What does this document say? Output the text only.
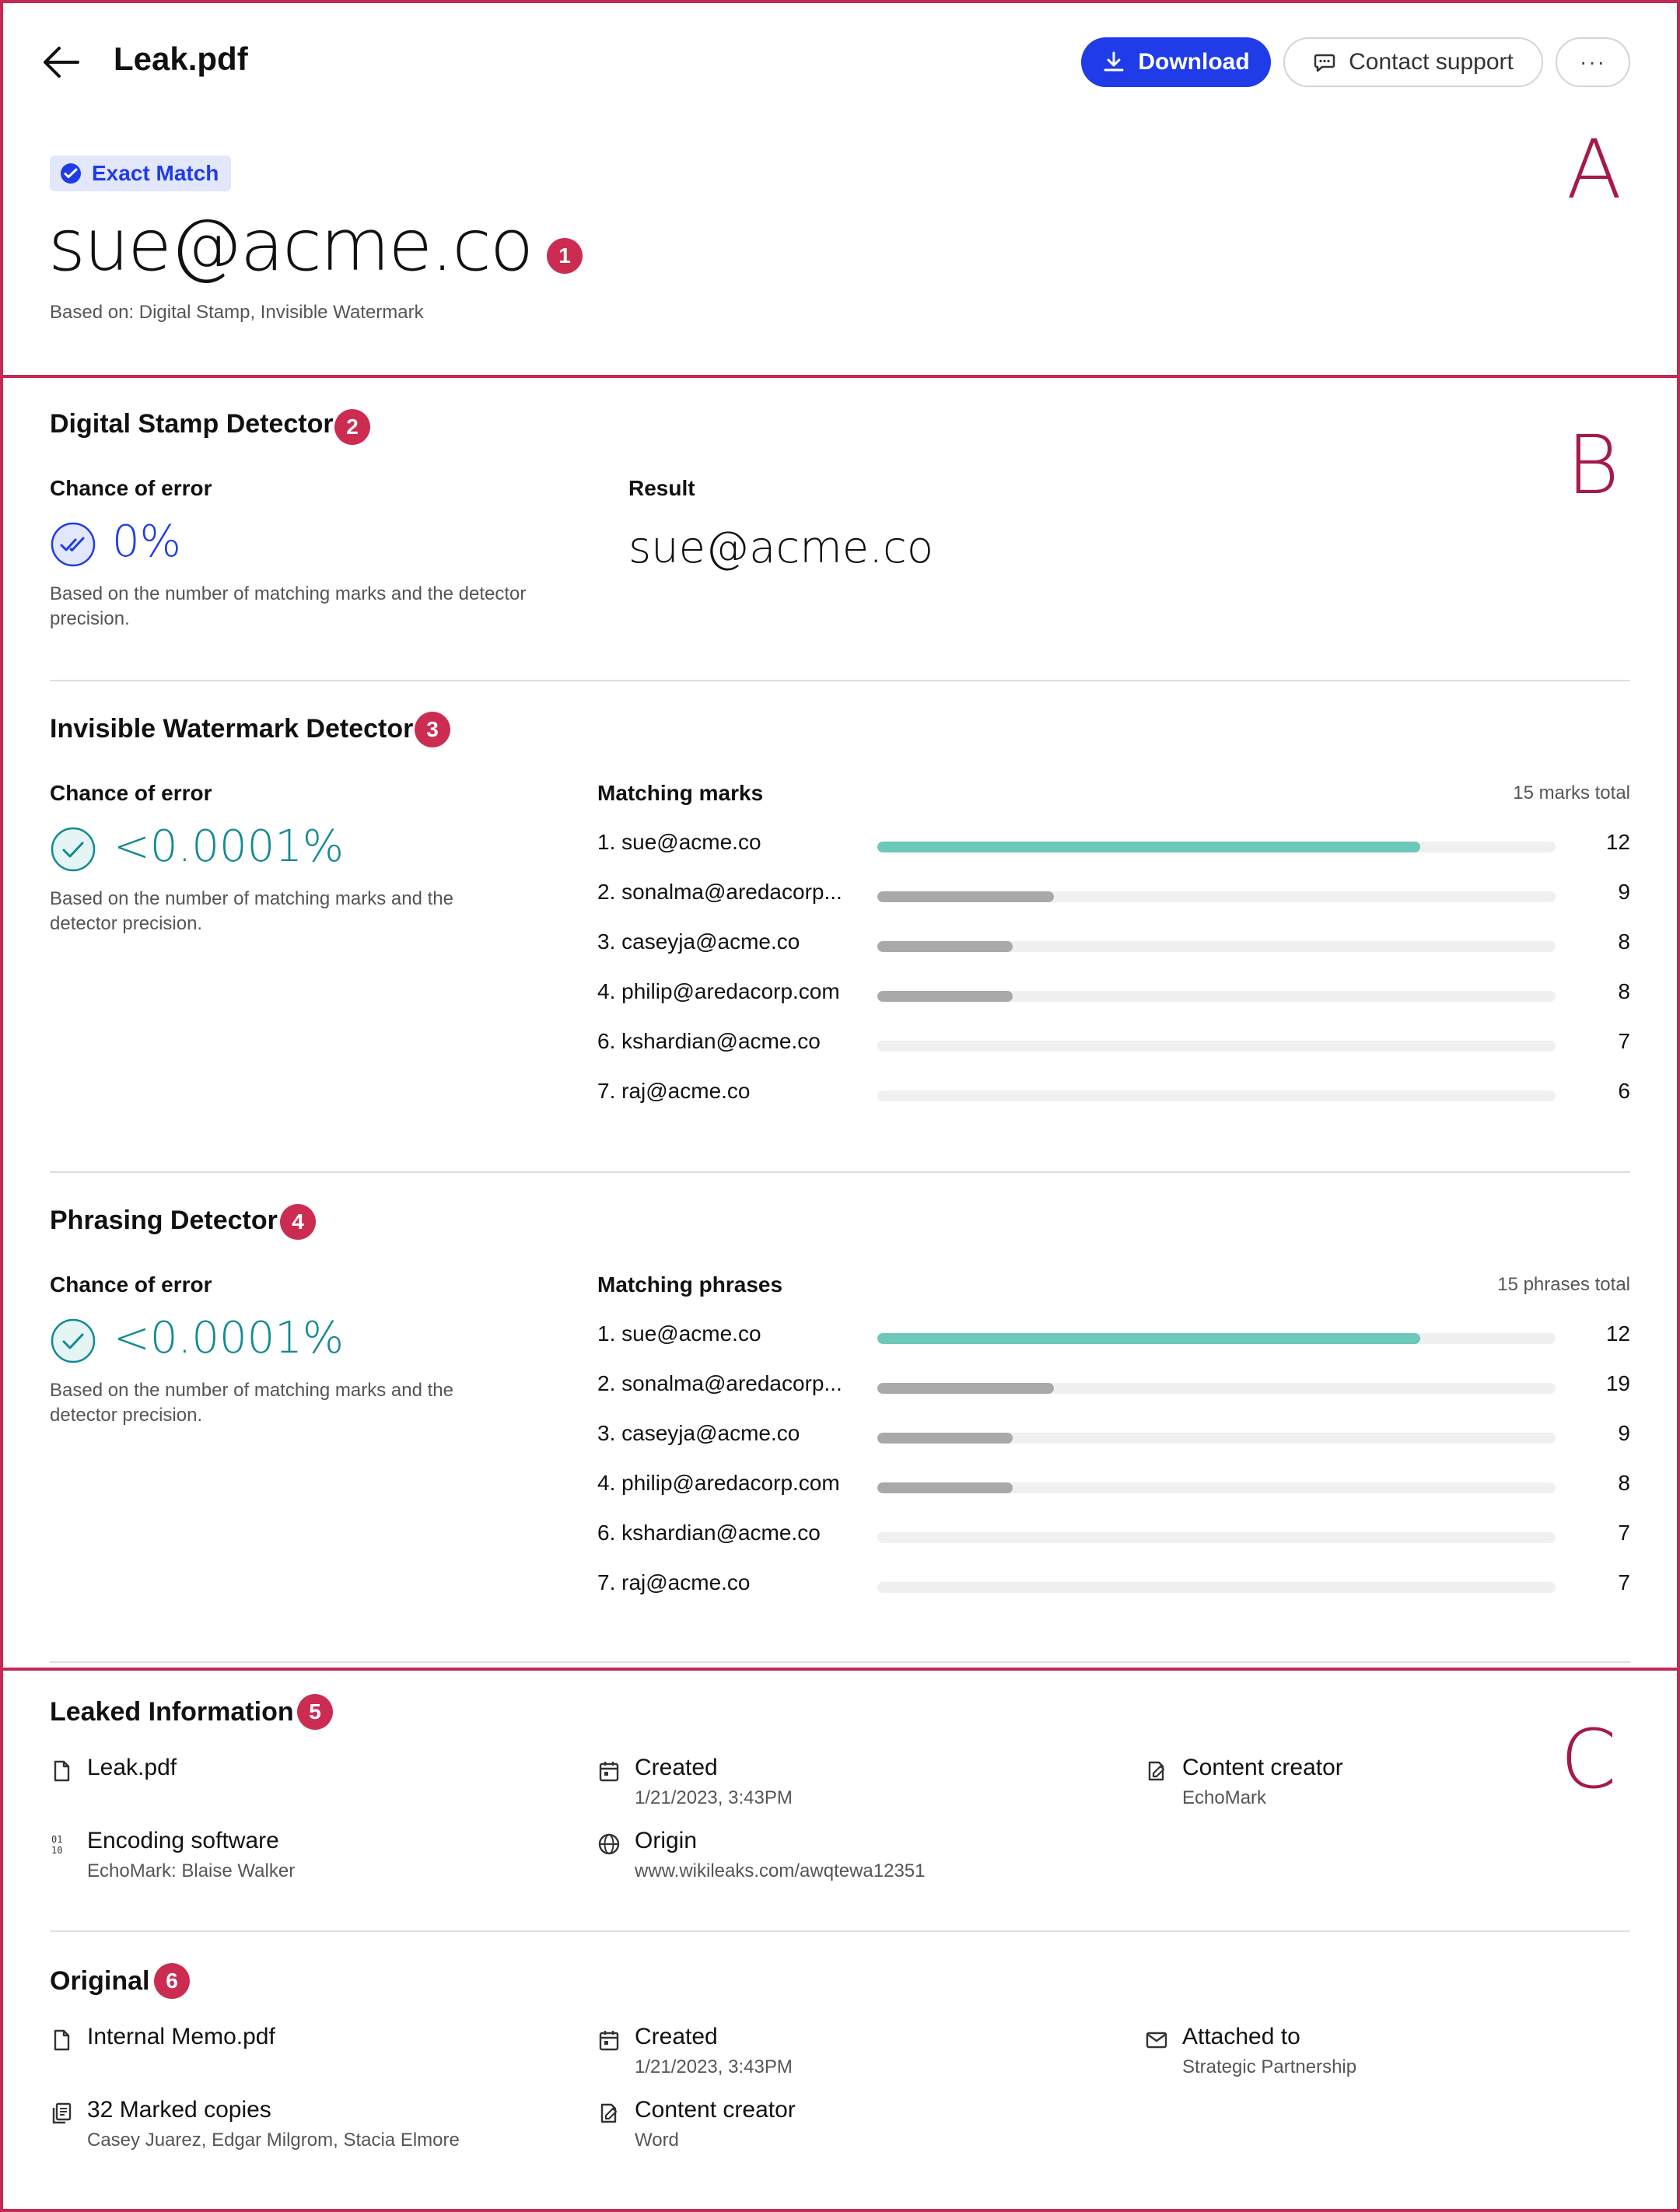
A
B
C
Leak.pdf	Download	Contact support	···
Exact Match
sue@acme.co	1
Based on: Digital Stamp, Invisible Watermark
Digital Stamp Detector 2
Chance of error
0%
Based on the number of matching marks and the detector precision.
Result
sue@acme.co
Invisible Watermark Detector 3
Chance of error
<0.0001%
Based on the number of matching marks and the detector precision.
Matching marks	15 marks total
1. sue@acme.co	12
2. sonalma@aredacorp...	9
3. caseyja@acme.co	8
4. philip@aredacorp.com	8
6. kshardian@acme.co	7
7. raj@acme.co	6
Phrasing Detector 4
Chance of error
<0.0001%
Based on the number of matching marks and the detector precision.
Matching phrases	15 phrases total
1. sue@acme.co	12
2. sonalma@aredacorp...	19
3. caseyja@acme.co	9
4. philip@aredacorp.com	8
6. kshardian@acme.co	7
7. raj@acme.co	7
Leaked Information 5
Leak.pdf	Created
1/21/2023, 3:43PM
Content creator
EchoMark
01
10 Encoding software
EchoMark: Blaise Walker
Origin
www.wikileaks.com/awqtewa12351
Original 6
Internal Memo.pdf	Created
1/21/2023, 3:43PM
Attached to
Strategic Partnership
32 Marked copies
Casey Juarez, Edgar Milgrom, Stacia Elmore
Content creator
Word
